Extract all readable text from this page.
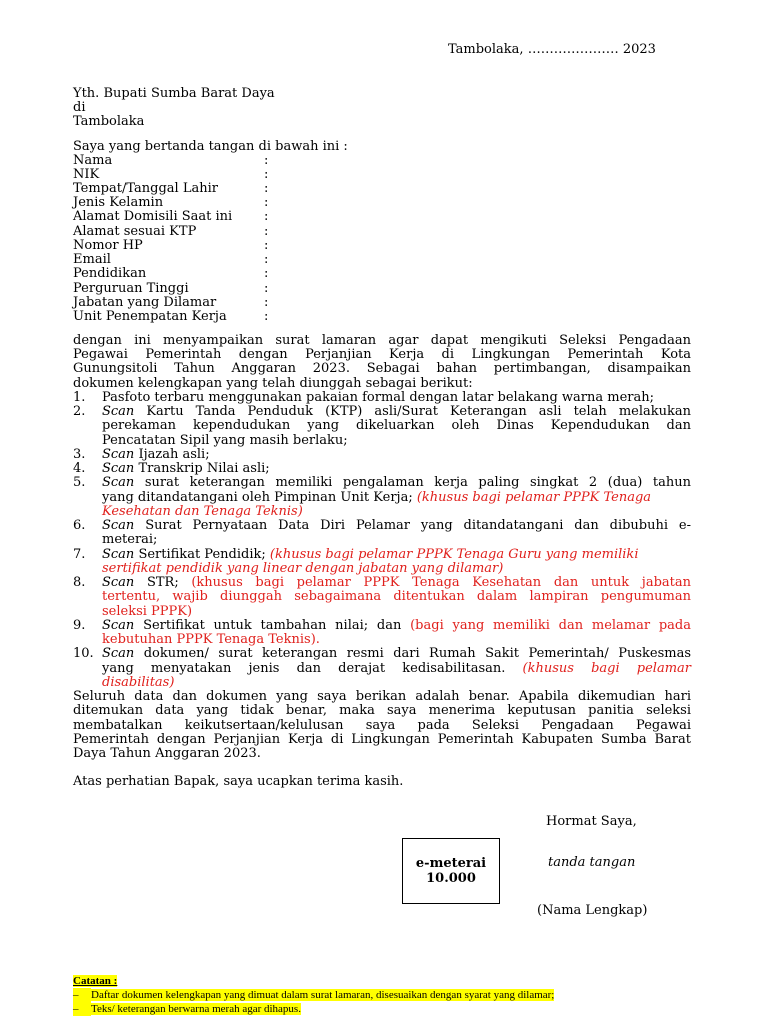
Tambolaka, ………………… 2023
Yth. Bupati Sumba Barat Daya
di
Tambolaka
Saya yang bertanda tangan di bawah ini :
Nama	:
NIK	:
Tempat/Tanggal Lahir	:
Jenis Kelamin	:
Alamat Domisili Saat ini :
Alamat sesuai KTP	:
Nomor HP	:
Email	:
Pendidikan	:
Perguruan Tinggi	:
Jabatan yang Dilamar	:
Unit Penempatan Kerja	:
dengan ini menyampaikan surat lamaran agar dapat mengikuti Seleksi Pengadaan
Pegawai Pemerintah dengan Perjanjian Kerja di Lingkungan Pemerintah Kota
Gunungsitoli Tahun Anggaran 2023. Sebagai bahan pertimbangan, disampaikan
dokumen kelengkapan yang telah diunggah sebagai berikut:
1. Pasfoto terbaru menggunakan pakaian formal dengan latar belakang warna merah;
2. Scan Kartu Tanda Penduduk (KTP) asli/Surat Keterangan asli telah melakukan
perekaman kependudukan yang dikeluarkan oleh Dinas Kependudukan dan
Pencatatan Sipil yang masih berlaku;
3. Scan Ijazah asli;
4. Scan Transkrip Nilai asli;
5. Scan surat keterangan memiliki pengalaman kerja paling singkat 2 (dua) tahun
yang ditandatangani oleh Pimpinan Unit Kerja; (khusus bagi pelamar PPPK Tenaga
Kesehatan dan Tenaga Teknis)
6. Scan Surat Pernyataan Data Diri Pelamar yang ditandatangani dan dibubuhi e-
meterai;
7. Scan Sertifikat Pendidik; (khusus bagi pelamar PPPK Tenaga Guru yang memiliki
sertifikat pendidik yang linear dengan jabatan yang dilamar)
8. Scan STR; (khusus bagi pelamar PPPK Tenaga Kesehatan dan untuk jabatan
tertentu, wajib diunggah sebagaimana ditentukan dalam lampiran pengumuman
seleksi PPPK)
9. Scan Sertifikat untuk tambahan nilai; dan (bagi yang memiliki dan melamar pada
kebutuhan PPPK Tenaga Teknis).
10. Scan dokumen/ surat keterangan resmi dari Rumah Sakit Pemerintah/ Puskesmas
yang menyatakan jenis dan derajat kedisabilitasan. (khusus bagi pelamar
disabilitas)
Seluruh data dan dokumen yang saya berikan adalah benar. Apabila dikemudian hari
ditemukan data yang tidak benar, maka saya menerima keputusan panitia seleksi
membatalkan keikutsertaan/kelulusan saya pada Seleksi Pengadaan Pegawai
Pemerintah dengan Perjanjian Kerja di Lingkungan Pemerintah Kabupaten Sumba Barat
Daya Tahun Anggaran 2023.
Atas perhatian Bapak, saya ucapkan terima kasih.
Hormat Saya,
e-meterai
10.000
tanda tangan
(Nama Lengkap)
Catatan :
– Daftar dokumen kelengkapan yang dimuat dalam surat lamaran, disesuaikan dengan syarat yang dilamar;
– Teks/ keterangan berwarna merah agar dihapus.
